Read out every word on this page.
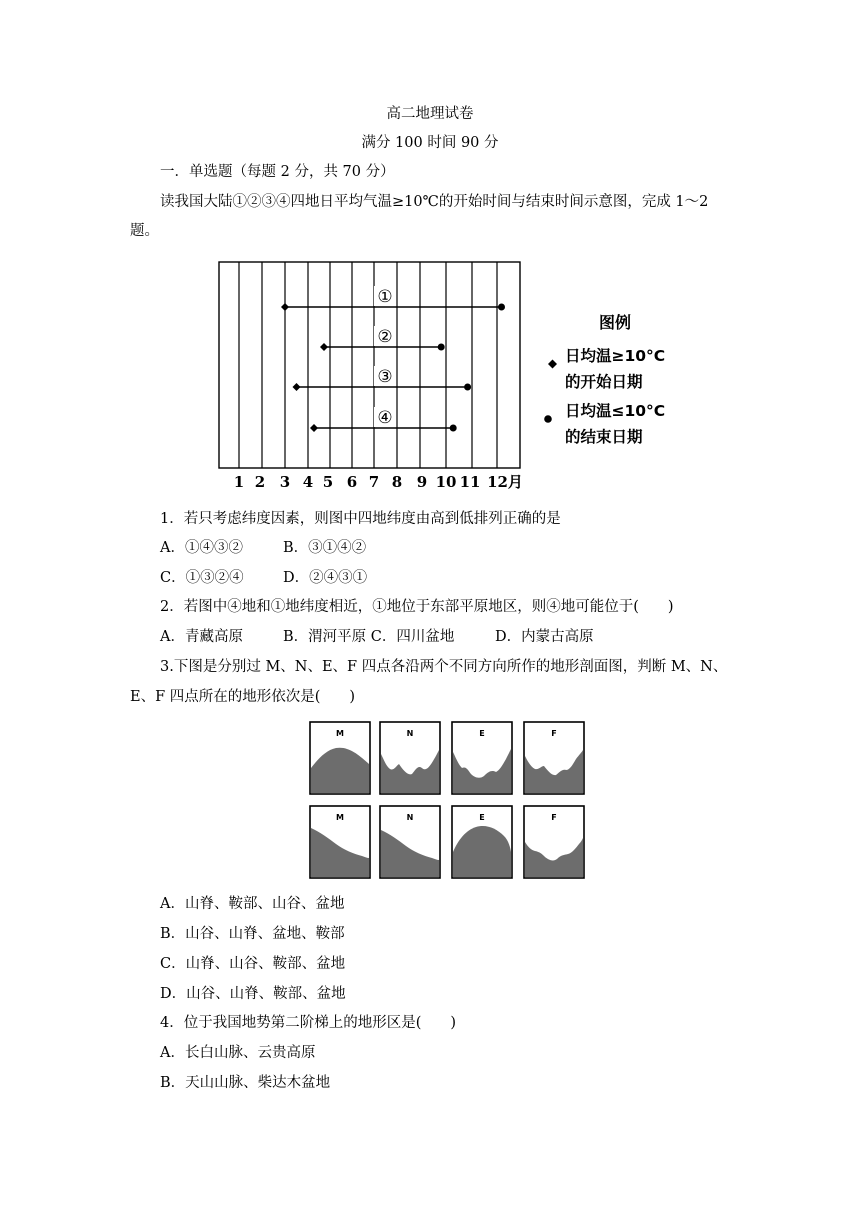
高二地理试卷
满分 100 时间 90 分
一．单选题（每题 2 分，共 70 分）
读我国大陆①②③④四地日平均气温≥10℃的开始时间与结束时间示意图，完成 1～2
题。
①
②
③
④
1 2 3 4 5 6 7 8 9 10 11 12月
图例
日均温≥10°C
的开始日期
日均温≤10°C
的结束日期
1．若只考虑纬度因素，则图中四地纬度由高到低排列正确的是
A．①④③②	B．③①④②
C．①③②④	D．②④③①
2．若图中④地和①地纬度相近，①地位于东部平原地区，则④地可能位于(　　)
A．青藏高原	B．渭河平原 C．四川盆地	D．内蒙古高原
3.下图是分别过 M、N、E、F 四点各沿两个不同方向所作的地形剖面图，判断 M、N、
E、F 四点所在的地形依次是(　　)
M	N	E	F
M	N	E	F
A．山脊、鞍部、山谷、盆地
B．山谷、山脊、盆地、鞍部
C．山脊、山谷、鞍部、盆地
D．山谷、山脊、鞍部、盆地
4．位于我国地势第二阶梯上的地形区是(　　)
A．长白山脉、云贵高原
B．天山山脉、柴达木盆地
